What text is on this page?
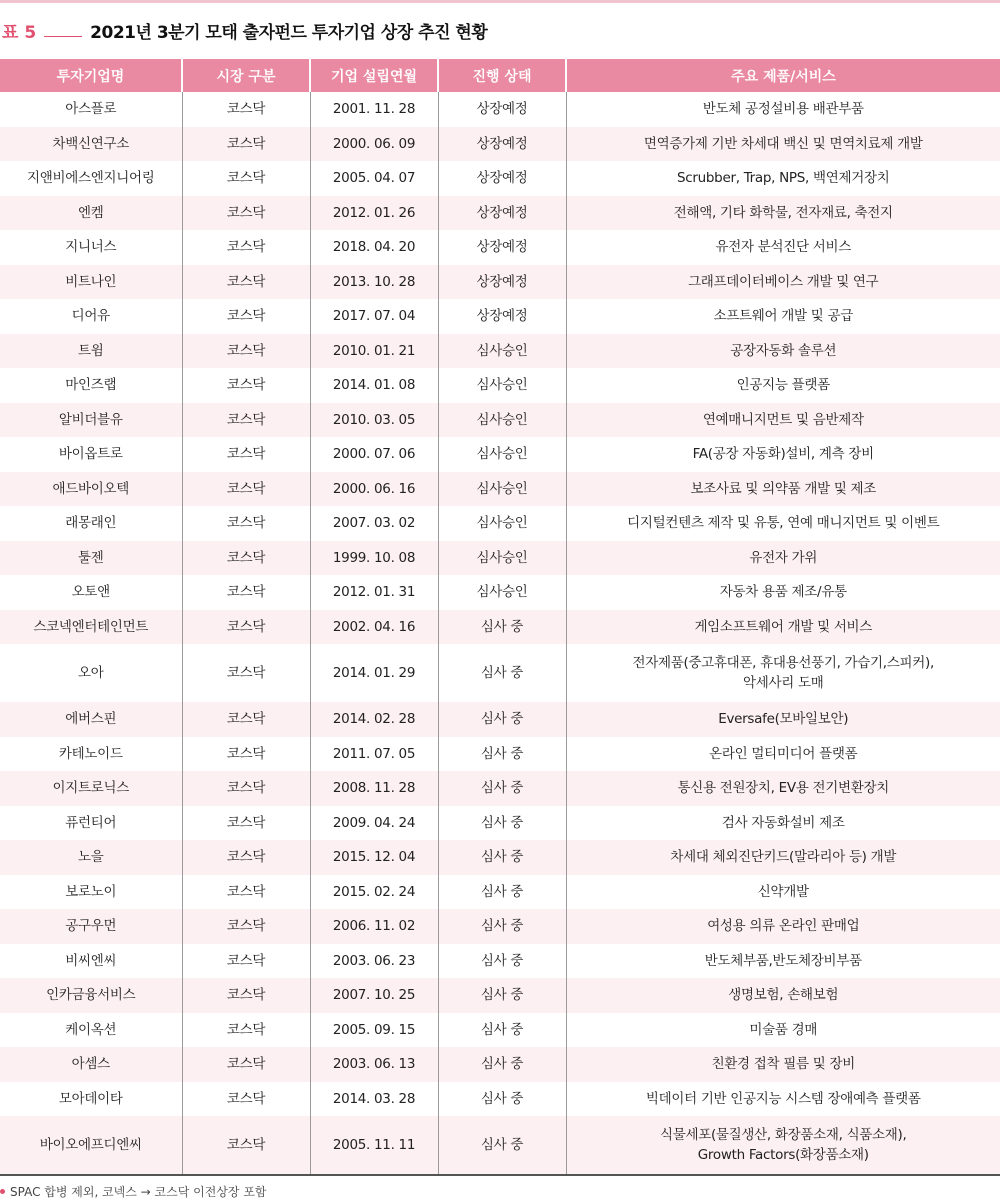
표 5	2021년 3분기 모태 출자펀드 투자기업 상장 추진 현황
투자기업명	시장 구분	기업 설립연월	진행 상태	주요 제품/서비스
아스플로	코스닥	2001. 11. 28	상장예정	반도체 공정설비용 배관부품
차백신연구소	코스닥	2000. 06. 09	상장예정	면역증가제 기반 차세대 백신 및 면역치료제 개발
지앤비에스엔지니어링	코스닥	2005. 04. 07	상장예정	Scrubber, Trap, NPS, 백연제거장치
엔켐	코스닥	2012. 01. 26	상장예정	전해액, 기타 화학물, 전자재료, 축전지
지니너스	코스닥	2018. 04. 20	상장예정	유전자 분석진단 서비스
비트나인	코스닥	2013. 10. 28	상장예정	그래프데이터베이스 개발 및 연구
디어유	코스닥	2017. 07. 04	상장예정	소프트웨어 개발 및 공급
트윔	코스닥	2010. 01. 21	심사승인	공장자동화 솔루션
마인즈랩	코스닥	2014. 01. 08	심사승인	인공지능 플랫폼
알비더블유	코스닥	2010. 03. 05	심사승인	연예매니지먼트 및 음반제작
바이옵트로	코스닥	2000. 07. 06	심사승인	FA(공장 자동화)설비, 계측 장비
애드바이오텍	코스닥	2000. 06. 16	심사승인	보조사료 및 의약품 개발 및 제조
래몽래인	코스닥	2007. 03. 02	심사승인	디지털컨텐츠 제작 및 유통, 연예 매니지먼트 및 이벤트
툴젠	코스닥	1999. 10. 08	심사승인	유전자 가위
오토앤	코스닥	2012. 01. 31	심사승인	자동차 용품 제조/유통
스코넥엔터테인먼트	코스닥	2002. 04. 16	심사 중	게임소프트웨어 개발 및 서비스
오아	코스닥	2014. 01. 29	심사 중	전자제품(중고휴대폰, 휴대용선풍기, 가습기,스피커),
악세사리 도매

에버스핀	코스닥	2014. 02. 28	심사 중	Eversafe(모바일보안)
카테노이드	코스닥	2011. 07. 05	심사 중	온라인 멀티미디어 플랫폼
이지트로닉스	코스닥	2008. 11. 28	심사 중	통신용 전원장치, EV용 전기변환장치
퓨런티어	코스닥	2009. 04. 24	심사 중	검사 자동화설비 제조
노을	코스닥	2015. 12. 04	심사 중	차세대 체외진단키드(말라리아 등) 개발
보로노이	코스닥	2015. 02. 24	심사 중	신약개발
공구우먼	코스닥	2006. 11. 02	심사 중	여성용 의류 온라인 판매업
비씨엔씨	코스닥	2003. 06. 23	심사 중	반도체부품,반도체장비부품
인카금융서비스	코스닥	2007. 10. 25	심사 중	생명보험, 손해보험
케이옥션	코스닥	2005. 09. 15	심사 중	미술품 경매
아셈스	코스닥	2003. 06. 13	심사 중	친환경 접착 필름 및 장비
모아데이타	코스닥	2014. 03. 28	심사 중	빅데이터 기반 인공지능 시스템 장애예측 플랫폼
바이오에프디엔씨	코스닥	2005. 11. 11	심사 중	식물세포(물질생산, 화장품소재, 식품소재),
Growth Factors(화장품소재)
SPAC 합병 제외, 코넥스 → 코스닥 이전상장 포함
